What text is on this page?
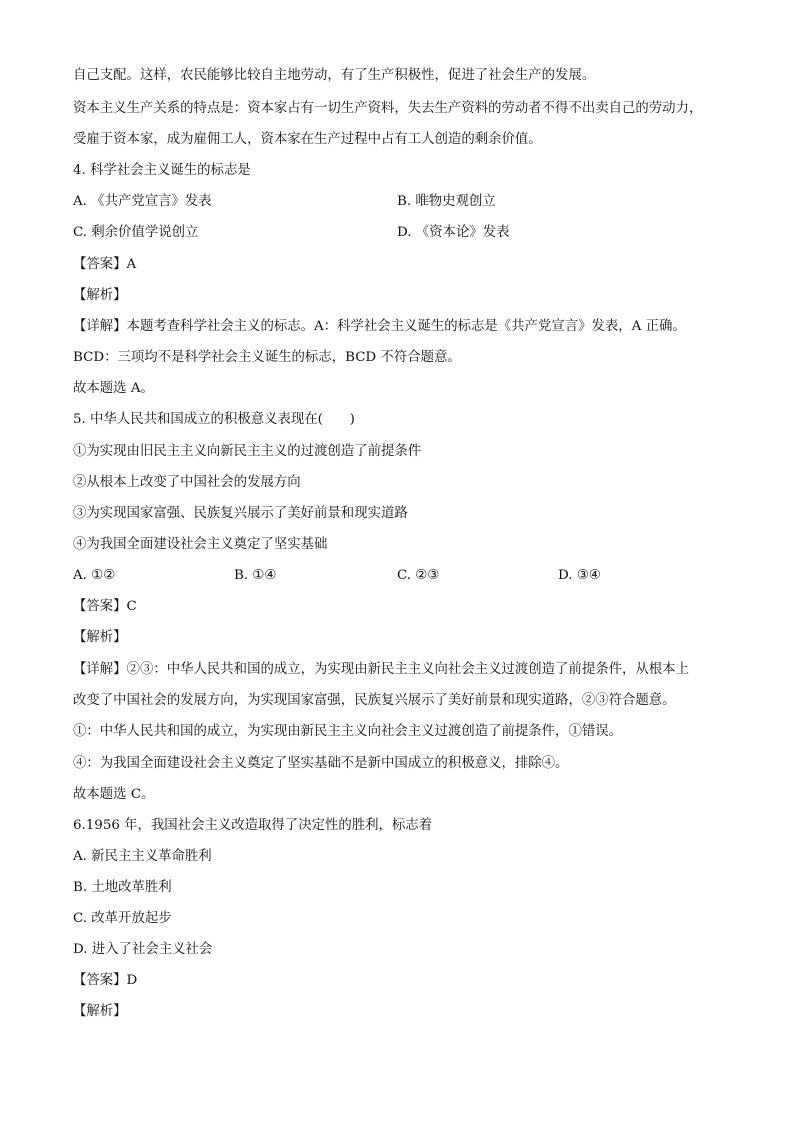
自己支配。这样，农民能够比较自主地劳动，有了生产积极性，促进了社会生产的发展。
资本主义生产关系的特点是：资本家占有一切生产资料，失去生产资料的劳动者不得不出卖自己的劳动力，
受雇于资本家，成为雇佣工人，资本家在生产过程中占有工人创造的剩余价值。
4. 科学社会主义诞生的标志是
A. 《共产党宣言》发表	B. 唯物史观创立
C. 剩余价值学说创立	D. 《资本论》发表
【答案】A
【解析】
【详解】本题考查科学社会主义的标志。A：科学社会主义诞生的标志是《共产党宣言》发表，A 正确。
BCD：三项均不是科学社会主义诞生的标志，BCD 不符合题意。
故本题选 A。
5. 中华人民共和国成立的积极意义表现在(　　)
①为实现由旧民主主义向新民主主义的过渡创造了前提条件
②从根本上改变了中国社会的发展方向
③为实现国家富强、民族复兴展示了美好前景和现实道路
④为我国全面建设社会主义奠定了坚实基础
A. ①②	B. ①④	C. ②③	D. ③④
【答案】C
【解析】
【详解】②③：中华人民共和国的成立，为实现由新民主主义向社会主义过渡创造了前提条件，从根本上
改变了中国社会的发展方向，为实现国家富强，民族复兴展示了美好前景和现实道路，②③符合题意。
①：中华人民共和国的成立，为实现由新民主主义向社会主义过渡创造了前提条件，①错误。
④：为我国全面建设社会主义奠定了坚实基础不是新中国成立的积极意义，排除④。
故本题选 C。
6.1956 年，我国社会主义改造取得了决定性的胜利，标志着
A. 新民主主义革命胜利
B. 土地改革胜利
C. 改革开放起步
D. 进入了社会主义社会
【答案】D
【解析】
